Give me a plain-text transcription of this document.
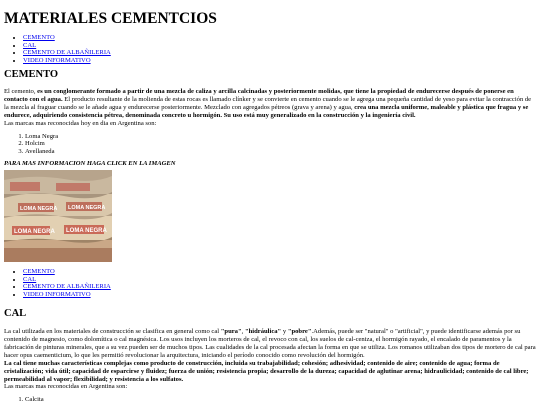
MATERIALES CEMENTCIOS
• CEMENTO
• CAL
• CEMENTO DE ALBAÑILERIA
• VIDEO INFORMATIVO
CEMENTO

El cemento, es un conglomerante formado a partir de una mezcla de caliza y arcilla calcinadas y posteriormente molidas, que tiene la propiedad de endurecerse después de ponerse en contacto con el agua. El producto resultante de la molienda de estas rocas es llamado clínker y se convierte en cemento cuando se le agrega una pequeña cantidad de yeso para evitar la contracción de la mezcla al fraguar cuando se le añade agua y endurecerse posteriormente. Mezclado con agregados pétreos (grava y arena) y agua, crea una mezcla uniforme, maleable y plástica que fragua y se endurece, adquiriendo consistencia pétrea, denominada concreto u hormigón. Su uso está muy generalizado en la construcción y la ingeniería civil.

Las marcas mas reconocidas hoy en dia en Argentina son:

1. Loma Negra
2. Holcim
3. Avellaneda

PARA MAS INFORMACION HAGA CLICK EN LA IMAGEN

LOMA NEGRA LOMA NEGRA
LOMA NEGRA LOMA NEGRA
• CEMENTO
• CAL
• CEMENTO DE ALBAÑILERIA
• VIDEO INFORMATIVO
CAL

La cal utilizada en los materiales de construcción se clasifica en general como cal "pura", "hidráulica" y "pobre".Además, puede ser "natural" o "artificial", y puede identificarse además por su contenido de magnesio, como dolomítica o cal magnésica. Los usos incluyen los morteros de cal, el revoco con cal, los suelos de cal-ceniza, el hormigón rayado, el encalado de paramentos y la fabricación de pinturas minerales, que a su vez pueden ser de muchos tipos. Las cualidades de la cal procesada afectan la forma en que se utiliza. Los romanos utilizaban dos tipos de mortero de cal para hacer opus caementicium, lo que les permitió revolucionar la arquitectura, iniciando el período conocido como revolución del hormigón.

La cal tiene muchas características complejas como producto de construcción, incluida su trabajabilidad; cohesión; adhesividad; contenido de aire; contenido de agua; forma de cristalización; vida útil; capacidad de esparcirse y fluidez; fuerza de unión; resistencia propia; desarrollo de la dureza; capacidad de aglutinar arena; hidraulicidad; contenido de cal libre; permeabilidad al vapor; flexibilidad; y resistencia a los sulfatos.

Las marcas mas reconocidas en Argentina son:

1. Calcita
